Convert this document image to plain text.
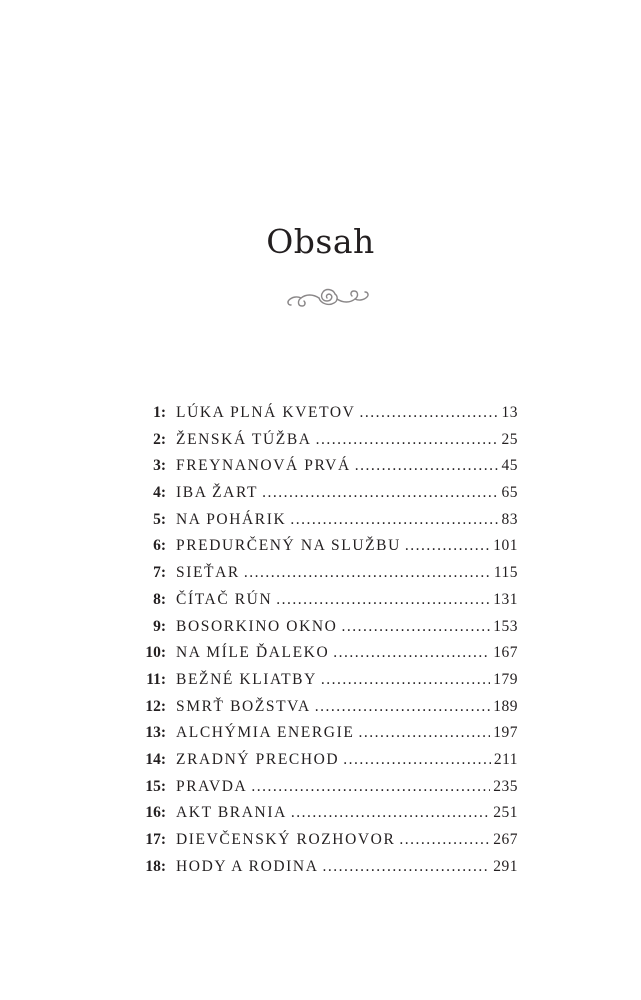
Obsah
1: LÚKA PLNÁ KVETOV .....	13
2: ŽENSKÁ TÚŽBA .....	25
3: FREYNANOVÁ PRVÁ .....	45
4: IBA ŽART .....	65
5: NA POHÁRIK .....	83
6: PREDURČENÝ NA SLUŽBU .....	101
7: SIEŤAR .....	115
8: ČÍTAČ RÚN .....	131
9: BOSORKINO OKNO .....	153
10: NA MÍLE ĎALEKO .....	167
11: BEŽNÉ KLIATBY .....	179
12: SMRŤ BOŽSTVA .....	189
13: ALCHÝMIA ENERGIE .....	197
14: ZRADNÝ PRECHOD .....	211
15: PRAVDA .....	235
16: AKT BRANIA .....	251
17: DIEVČENSKÝ ROZHOVOR .....	267
18: HODY A RODINA .....	291
